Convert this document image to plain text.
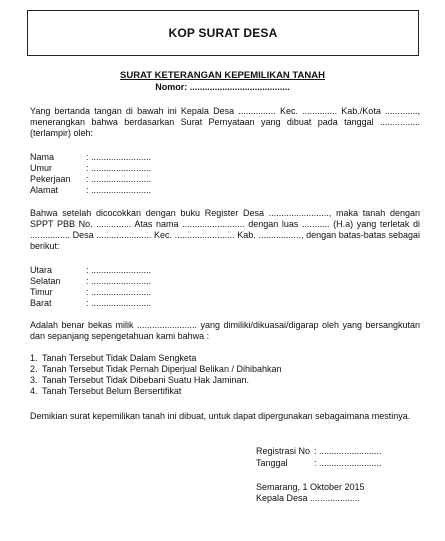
KOP SURAT DESA
SURAT KETERANGAN KEPEMILIKAN TANAH
Nomor: ........................................
Yang bertanda tangan di bawah ini Kepala Desa ............... Kec. .............. Kab./Kota ............., menerangkan bahwa berdasarkan Surat Pernyataan yang dibuat pada tanggal ................ (terlampir) oleh:
Nama	: ........................
Umur	: ........................
Pekerjaan : ........................
Alamat	: ........................
Bahwa setelah dicocokkan dengan buku Register Desa ........................, maka tanah dengan SPPT PBB No. .............. Atas nama ......................... dengan luas ........... (H.a) yang terletak di ................ Desa ...................... Kec. ........................ Kab. ................., dengan batas-batas sebagai berikut:
Utara	: ........................
Selatan	: ........................
Timur	: ........................
Barat	: ........................
Adalah benar bekas milik ........................ yang dimiliki/dikuasai/digarap oleh yang bersangkutan dan sepanjang sepengetahuan kami bahwa :
1. Tanah Tersebut Tidak Dalam Sengketa
2. Tanah Tersebut Tidak Pernah Diperjual Belikan / Dihibahkan
3. Tanah Tersebut Tidak Dibebani Suatu Hak Jaminan.
4. Tanah Tersebut Belum Bersertifikat
Demikian surat kepemilikan tanah ini dibuat, untuk dapat dipergunakan sebagaimana mestinya.
Registrasi No : .........................
Tanggal	: .........................
Semarang, 1 Oktober 2015
Kepala Desa ....................
